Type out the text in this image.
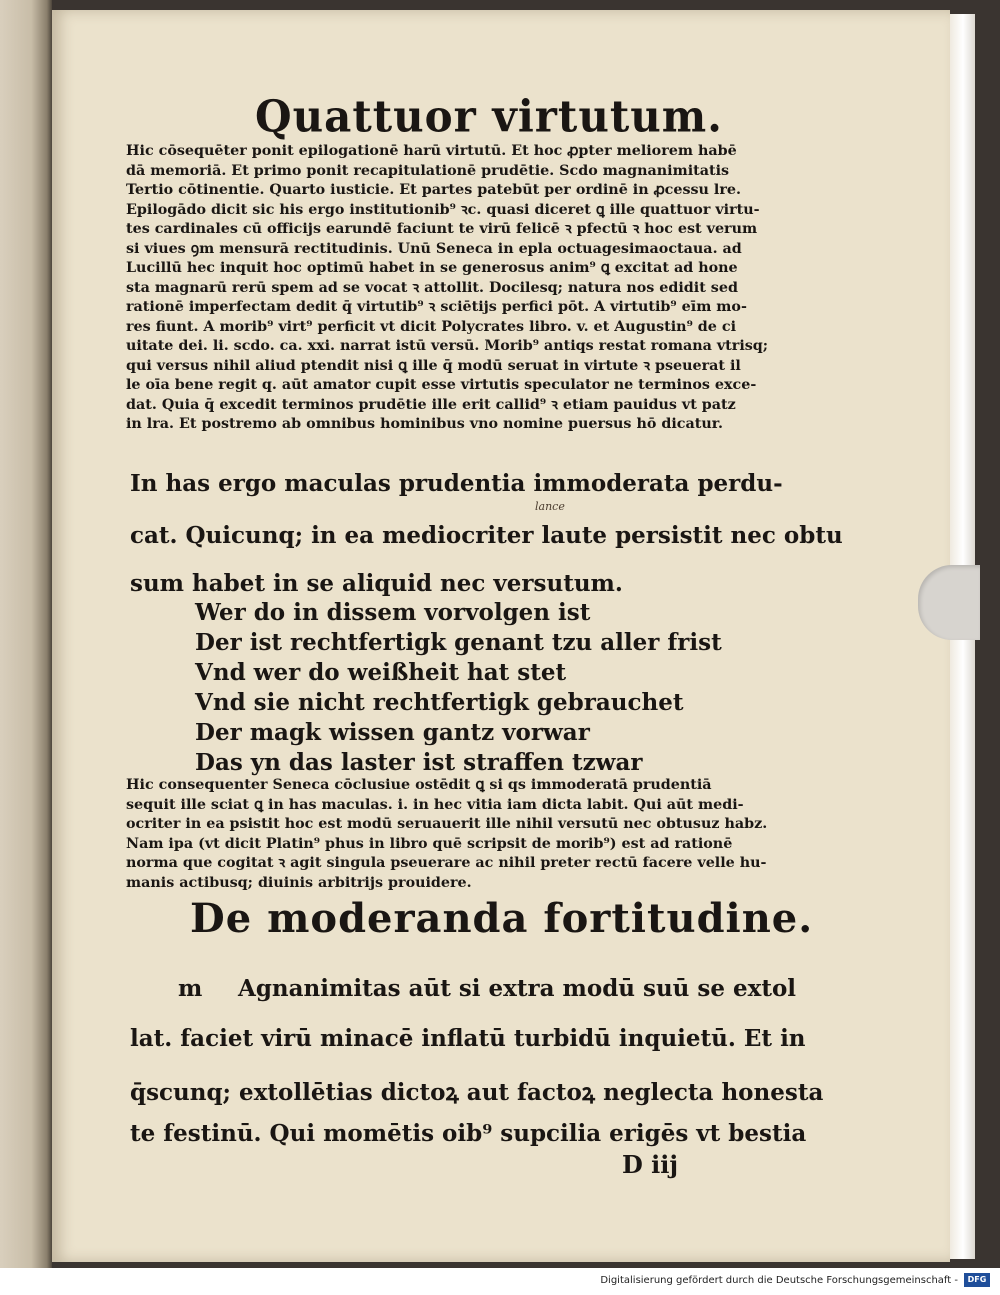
Quattuor virtutum.
Hic cōsequēter ponit epilogationē harū virtutū. Et hoc ꝓpter meliorem habē
dā memoriā. Et primo ponit recapitulationē prudētie. Scdo magnanimitatis
Tertio cōtinentie. Quarto iusticie. Et partes patebūt per ordinē in ꝓcessu lre.
Epilogādo dicit sic his ergo institutionib⁹ ꝛc. quasi diceret ꝗ ille quattuor virtu-
tes cardinales cū officijs earundē faciunt te virū felicē ꝛ pfectū ꝛ hoc est verum
si viues ꝯm mensurā rectitudinis. Unū Seneca in epla octuagesimaoctaua. ad
Lucillū hec inquit hoc optimū habet in se generosus anim⁹ ꝗ excitat ad hone
sta magnarū rerū spem ad se vocat ꝛ attollit. Docilesq; natura nos edidit sed
rationē imperfectam dedit q̄ virtutib⁹ ꝛ sciētijs perfici pōt. A virtutib⁹ eīm mo-
res fiunt. A morib⁹ virt⁹ perficit vt dicit Polycrates libro. v. et Augustin⁹ de ci
uitate dei. li. scdo. ca. xxi. narrat istū versū. Morib⁹ antiqs restat romana vtrisq;
qui versus nihil aliud ptendit nisi ꝗ ille q̄ modū seruat in virtute ꝛ pseuerat il
le oīa bene regit q. aūt amator cupit esse virtutis speculator ne terminos exce-
dat. Quia q̄ excedit terminos prudētie ille erit callid⁹ ꝛ etiam pauidus vt patz
in lra. Et postremo ab omnibus hominibus vno nomine puersus hō dicatur.
In has ergo maculas prudentia immoderata perdu-
lance
cat. Quicunq; in ea mediocriter laute persistit nec obtu
sum habet in se aliquid nec versutum.
Wer do in dissem vorvolgen ist
Der ist rechtfertigk genant tzu aller frist
Vnd wer do weißheit hat stet
Vnd sie nicht rechtfertigk gebrauchet
Der magk wissen gantz vorwar
Das yn das laster ist straffen tzwar
Hic consequenter Seneca cōclusiue ostēdit ꝗ si qs immoderatā prudentiā
sequit ille sciat ꝗ in has maculas. i. in hec vitia iam dicta labit. Qui aūt medi-
ocriter in ea psistit hoc est modū seruauerit ille nihil versutū nec obtusuz habz.
Nam ipa (vt dicit Platin⁹ phus in libro quē scripsit de morib⁹) est ad rationē
norma que cogitat ꝛ agit singula pseuerare ac nihil preter rectū facere velle hu-
manis actibusq; diuinis arbitrijs prouidere.
De moderanda fortitudine.
m Agnanimitas aūt si extra modū suū se extol
lat. faciet virū minacē inflatū turbidū inquietū. Et in
q̄scunq; extollētias dictoꝝ aut factoꝝ neglecta honesta
te festinū. Qui momētis oib⁹ supcilia erigēs vt bestia
D iij
Digitalisierung gefördert durch die Deutsche Forschungsgemeinschaft -	DFG
